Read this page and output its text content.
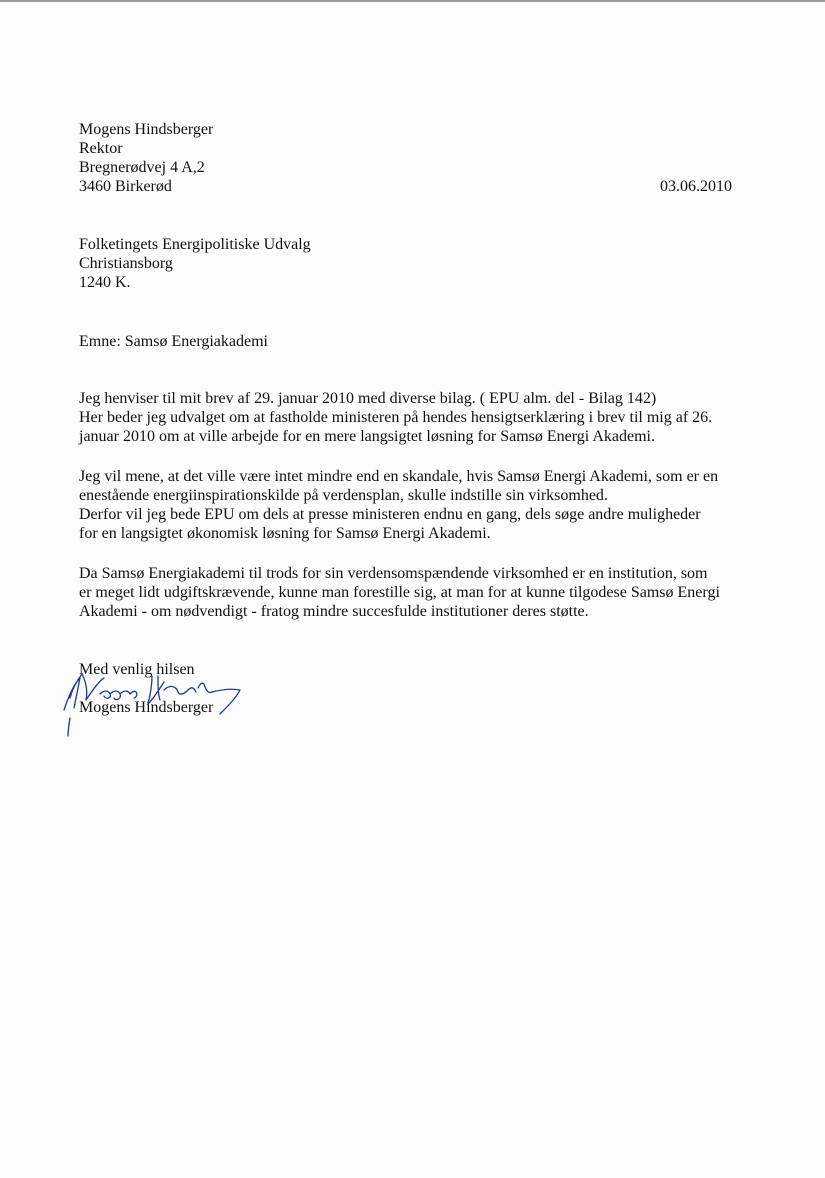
Mogens Hindsberger
Rektor
Bregnerødvej 4 A,2
3460 Birkerød	03.06.2010
Folketingets Energipolitiske Udvalg
Christiansborg
1240 K.
Emne: Samsø Energiakademi
Jeg henviser til mit brev af 29. januar 2010 med diverse bilag. ( EPU alm. del - Bilag 142)
Her beder jeg udvalget om at fastholde ministeren på hendes hensigtserklæring i brev til mig af 26.
januar 2010 om at ville arbejde for en mere langsigtet løsning for Samsø Energi Akademi.
Jeg vil mene, at det ville være intet mindre end en skandale, hvis Samsø Energi Akademi, som er en
enestående energiinspirationskilde på verdensplan, skulle indstille sin virksomhed.
Derfor vil jeg bede EPU om dels at presse ministeren endnu en gang, dels søge andre muligheder
for en langsigtet økonomisk løsning for Samsø Energi Akademi.
Da Samsø Energiakademi til trods for sin verdensomspændende virksomhed er en institution, som
er meget lidt udgiftskrævende, kunne man forestille sig, at man for at kunne tilgodese Samsø Energi
Akademi - om nødvendigt - fratog mindre succesfulde institutioner deres støtte.
Med venlig hilsen
Mogens Hindsberger
